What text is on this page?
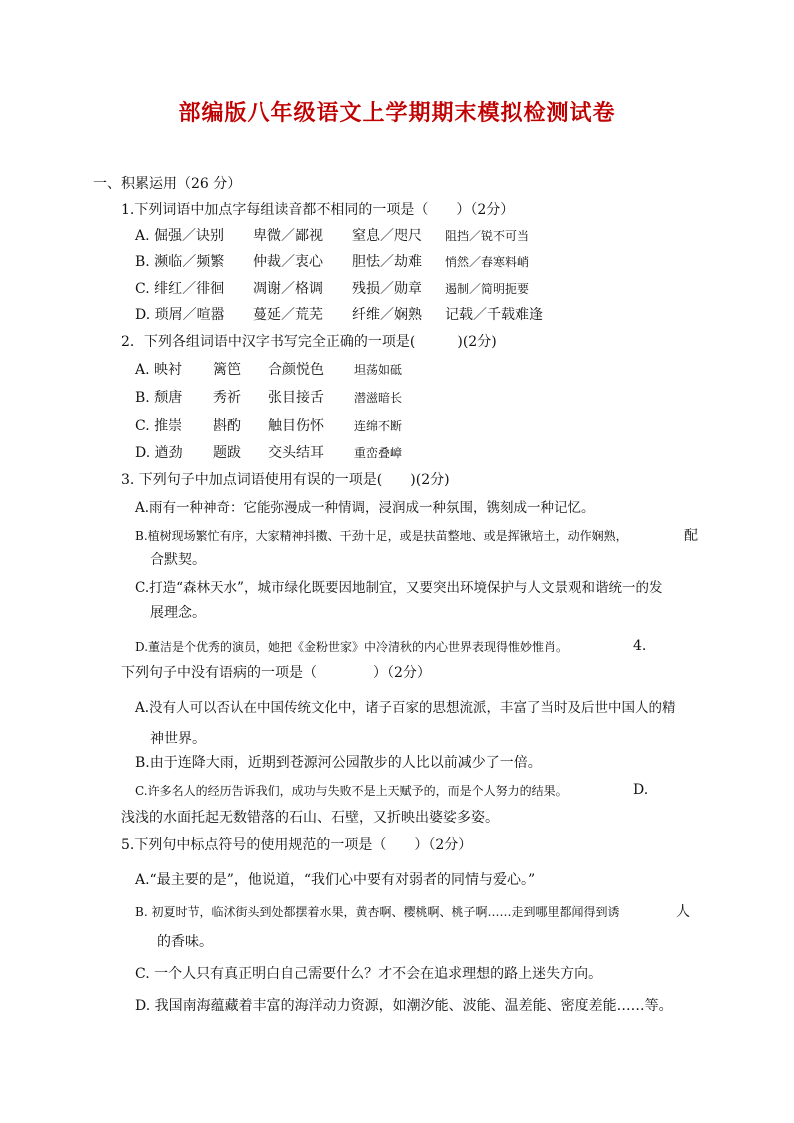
部编版八年级语文上学期期末模拟检测试卷
一、积累运用（26 分）
1.下列词语中加点字每组读音都不相同的一项是（　　）（2分）
A. 倔强／诀别	卑微／鄙视	窒息／咫尺	阻挡／锐不可当
B. 濒临／频繁	仲裁／衷心	胆怯／劫难	悄然／春寒料峭
C. 绯红／徘徊	凋谢／格调	残损／勋章	遏制／简明扼要
D. 琐屑／喧嚣	蔓延／荒芜	纤维／娴熟	记载／千载难逢
2．下列各组词语中汉字书写完全正确的一项是(　　　)(2分)
A. 映衬	篱笆	合颜悦色	坦荡如砥
B. 颓唐	秀祈	张目接舌	潜滋暗长
C. 推崇	斟酌	触目伤怀	连绵不断
D. 遒劲	题跋	交头结耳	重峦叠嶂
3. 下列句子中加点词语使用有误的一项是(　　)(2分)
A.雨有一种神奇：它能弥漫成一种情调，浸润成一种氛围，镌刻成一种记忆。
B.植树现场繁忙有序，大家精神抖擞、干劲十足，或是扶苗整地、或是挥锹培土，动作娴熟，	配
合默契。
C.打造“森林天水”，城市绿化既要因地制宜，又要突出环境保护与人文景观和谐统一的发
展理念。
D.董洁是个优秀的演员，她把《金粉世家》中冷清秋的内心世界表现得惟妙惟肖。	4.
下列句子中没有语病的一项是（　　　　）（2分）
A.没有人可以否认在中国传统文化中，诸子百家的思想流派，丰富了当时及后世中国人的精
神世界。
B.由于连降大雨，近期到苍源河公园散步的人比以前减少了一倍。
C.许多名人的经历告诉我们，成功与失败不是上天赋予的，而是个人努力的结果。	D.
浅浅的水面托起无数错落的石山、石壁，又折映出婆娑多姿。
5.下列句中标点符号的使用规范的一项是（　　）（2分）
A.“最主要的是”，他说道，“我们心中要有对弱者的同情与爱心。”
B. 初夏时节，临沭街头到处都摆着水果，黄杏啊、樱桃啊、桃子啊……走到哪里都闻得到诱	人
的香味。
C. 一个人只有真正明白自己需要什么？才不会在追求理想的路上迷失方向。
D. 我国南海蕴藏着丰富的海洋动力资源，如潮汐能、波能、温差能、密度差能……等。
